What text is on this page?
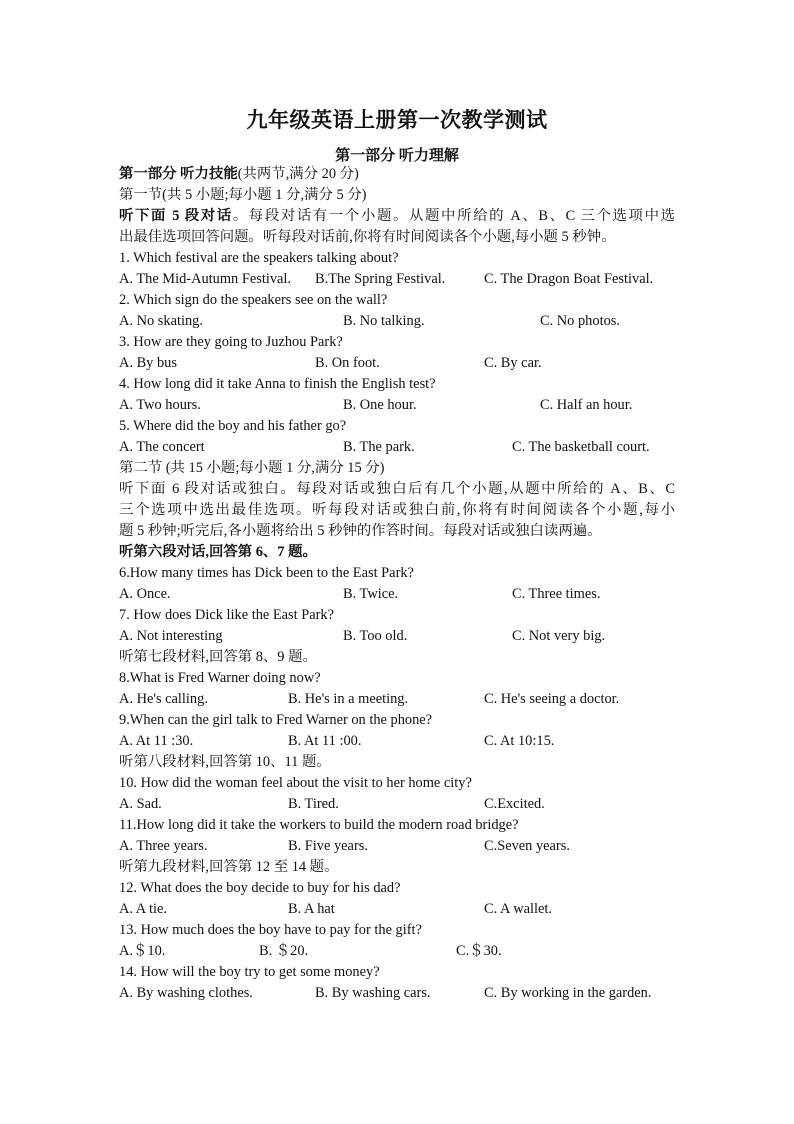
九年级英语上册第一次教学测试
第一部分 听力理解
第一部分 听力技能(共两节,满分 20 分)
第一节(共 5 小题;每小题 1 分,满分 5 分)
听下面 5 段对话。每段对话有一个小题。从题中所给的 A、B、C 三个选项中选
出最佳选项回答问题。听每段对话前,你将有时间阅读各个小题,每小题 5 秒钟。
1. Which festival are the speakers talking about?
A. The Mid-Autumn Festival. B.The Spring Festival.	C. The Dragon Boat Festival.
2. Which sign do the speakers see on the wall?
A. No skating.	B. No talking.	C. No photos.
3. How are they going to Juzhou Park?
A. By bus	B. On foot.	C. By car.
4. How long did it take Anna to finish the English test?
A. Two hours.	B. One hour.	C. Half an hour.
5. Where did the boy and his father go?
A. The concert	B. The park.	C. The basketball court.
第二节 (共 15 小题;每小题 1 分,满分 15 分)
听下面 6 段对话或独白。每段对话或独白后有几个小题,从题中所给的 A、B、C
三个选项中选出最佳选项。听每段对话或独白前,你将有时间阅读各个小题,每小
题 5 秒钟;听完后,各小题将给出 5 秒钟的作答时间。每段对话或独白读两遍。
听第六段对话,回答第 6、7 题。
6.How many times has Dick been to the East Park?
A. Once.	B. Twice.	C. Three times.
7. How does Dick like the East Park?
A. Not interesting	B. Too old.	C. Not very big.
听第七段材料,回答第 8、9 题。
8.What is Fred Warner doing now?
A. He's calling.	B. He's in a meeting.	C. He's seeing a doctor.
9.When can the girl talk to Fred Warner on the phone?
A. At 11 :30.	B. At 11 :00.	C. At 10:15.
听第八段材料,回答第 10、11 题。
10. How did the woman feel about the visit to her home city?
A. Sad.	B. Tired.	C.Excited.
11.How long did it take the workers to build the modern road bridge?
A. Three years.	B. Five years.	C.Seven years.
听第九段材料,回答第 12 至 14 题。
12. What does the boy decide to buy for his dad?
A. A tie.	B. A hat	C. A wallet.
13. How much does the boy have to pay for the gift?
A.＄10.	B. ＄20.	C.＄30.
14. How will the boy try to get some money?
A. By washing clothes.	B. By washing cars.	C. By working in the garden.
